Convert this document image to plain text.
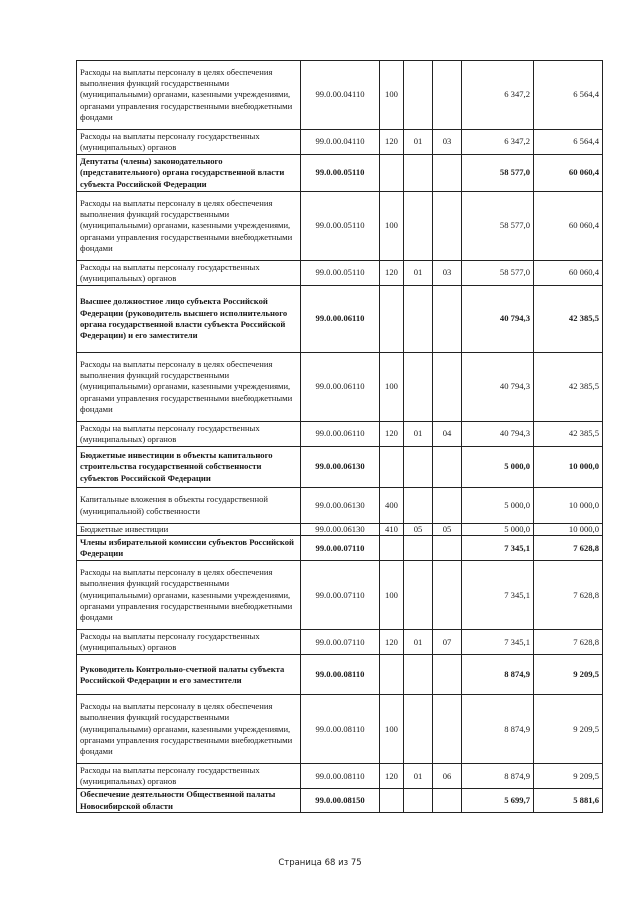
Расходы на выплаты персоналу в целях обеспечения выполнения функций государственными (муниципальными) органами, казенными учреждениями, органами управления государственными внебюджетными фондами	99.0.00.04110	100			6 347,2	6 564,4
Расходы на выплаты персоналу государственных (муниципальных) органов	99.0.00.04110	120	01	03	6 347,2	6 564,4
Депутаты (члены) законодательного (представительного) органа государственной власти субъекта Российской Федерации	99.0.00.05110				58 577,0	60 060,4
Расходы на выплаты персоналу в целях обеспечения выполнения функций государственными (муниципальными) органами, казенными учреждениями, органами управления государственными внебюджетными фондами	99.0.00.05110	100			58 577,0	60 060,4
Расходы на выплаты персоналу государственных (муниципальных) органов	99.0.00.05110	120	01	03	58 577,0	60 060,4
Высшее должностное лицо субъекта Российской Федерации (руководитель высшего исполнительного органа государственной власти субъекта Российской Федерации) и его заместители	99.0.00.06110				40 794,3	42 385,5
Расходы на выплаты персоналу в целях обеспечения выполнения функций государственными (муниципальными) органами, казенными учреждениями, органами управления государственными внебюджетными фондами	99.0.00.06110	100			40 794,3	42 385,5
Расходы на выплаты персоналу государственных (муниципальных) органов	99.0.00.06110	120	01	04	40 794,3	42 385,5
Бюджетные инвестиции в объекты капитального строительства государственной собственности субъектов Российской Федерации	99.0.00.06130				5 000,0	10 000,0
Капитальные вложения в объекты государственной (муниципальной) собственности	99.0.00.06130	400			5 000,0	10 000,0
Бюджетные инвестиции	99.0.00.06130	410	05	05	5 000,0	10 000,0
Члены избирательной комиссии субъектов Российской Федерации	99.0.00.07110				7 345,1	7 628,8
Расходы на выплаты персоналу в целях обеспечения выполнения функций государственными (муниципальными) органами, казенными учреждениями, органами управления государственными внебюджетными фондами	99.0.00.07110	100			7 345,1	7 628,8
Расходы на выплаты персоналу государственных (муниципальных) органов	99.0.00.07110	120	01	07	7 345,1	7 628,8
Руководитель Контрольно-счетной палаты субъекта Российской Федерации и его заместители	99.0.00.08110				8 874,9	9 209,5
Расходы на выплаты персоналу в целях обеспечения выполнения функций государственными (муниципальными) органами, казенными учреждениями, органами управления государственными внебюджетными фондами	99.0.00.08110	100			8 874,9	9 209,5
Расходы на выплаты персоналу государственных (муниципальных) органов	99.0.00.08110	120	01	06	8 874,9	9 209,5
Обеспечение деятельности Общественной палаты Новосибирской области	99.0.00.08150				5 699,7	5 881,6
Страница 68 из 75
